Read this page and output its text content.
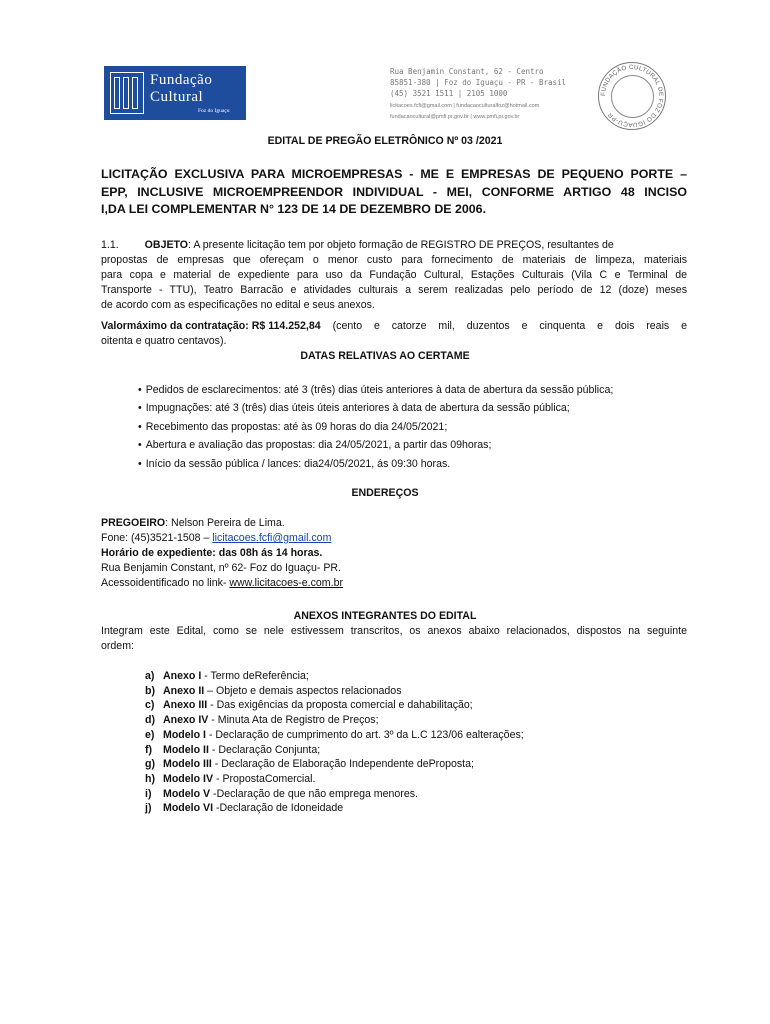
Fundação
Cultural
Foz do Iguaçu
Rua Benjamin Constant, 62 - Centro
85851-380 | Foz do Iguaçu - PR - Brasil
(45) 3521 1511 | 2105 1000
licitacoes.fcfi@gmail.com | fundacaoculturalfoz@hotmail.com
fundacaocultural@pmfi.pr.gov.br | www.pmfi.pr.gov.br
FUNDAÇÃO CULTURAL DE FOZ DO IGUAÇU-PR
EDITAL DE PREGÃO ELETRÔNICO Nº 03 /2021
LICITAÇÃO EXCLUSIVA PARA MICROEMPRESAS - ME E EMPRESAS DE PEQUENO PORTE –
EPP, INCLUSIVE MICROEMPREENDOR INDIVIDUAL - MEI, CONFORME ARTIGO 48 INCISO
I,DA LEI COMPLEMENTAR N° 123 DE 14 DE DEZEMBRO DE 2006.
1.1. OBJETO: A presente licitação tem por objeto formação de REGISTRO DE PREÇOS, resultantes de
propostas de empresas que ofereçam o menor custo para fornecimento de materiais de limpeza, materiais
para copa e material de expediente para uso da Fundação Cultural, Estações Culturais (Vila C e Terminal de
Transporte - TTU), Teatro Barracão e atividades culturais a serem realizadas pelo período de 12 (doze) meses
de acordo com as especificações no edital e seus anexos.
Valormáximo da contratação: R$ 114.252,84 (cento e catorze mil, duzentos e cinquenta e dois reais e
oitenta e quatro centavos).
DATAS RELATIVAS AO CERTAME
• Pedidos de esclarecimentos: até 3 (três) dias úteis anteriores à data de abertura da sessão pública;
• Impugnações: até 3 (três) dias úteis úteis anteriores à data de abertura da sessão pública;
• Recebimento das propostas: até às 09 horas do dia 24/05/2021;
• Abertura e avaliação das propostas: dia 24/05/2021, a partir das 09horas;
• Início da sessão pública / lances: dia24/05/2021, ás 09:30 horas.
ENDEREÇOS
PREGOEIRO: Nelson Pereira de Lima.
Fone: (45)3521-1508 – licitacoes.fcfi@gmail.com
Horário de expediente: das 08h ás 14 horas.
Rua Benjamin Constant, nº 62- Foz do Iguaçu- PR.
Acessoidentificado no link- www.licitacoes-e.com.br
ANEXOS INTEGRANTES DO EDITAL
Integram este Edital, como se nele estivessem transcritos, os anexos abaixo relacionados, dispostos na seguinte
ordem:
a) Anexo I - Termo deReferência;
b) Anexo II – Objeto e demais aspectos relacionados
c) Anexo III - Das exigências da proposta comercial e dahabilitação;
d) Anexo IV - Minuta Ata de Registro de Preços;
e) Modelo I - Declaração de cumprimento do art. 3º da L.C 123/06 ealterações;
f) Modelo II - Declaração Conjunta;
g) Modelo III - Declaração de Elaboração Independente deProposta;
h) Modelo IV - PropostaComercial.
i) Modelo V -Declaração de que não emprega menores.
j) Modelo VI -Declaração de Idoneidade
